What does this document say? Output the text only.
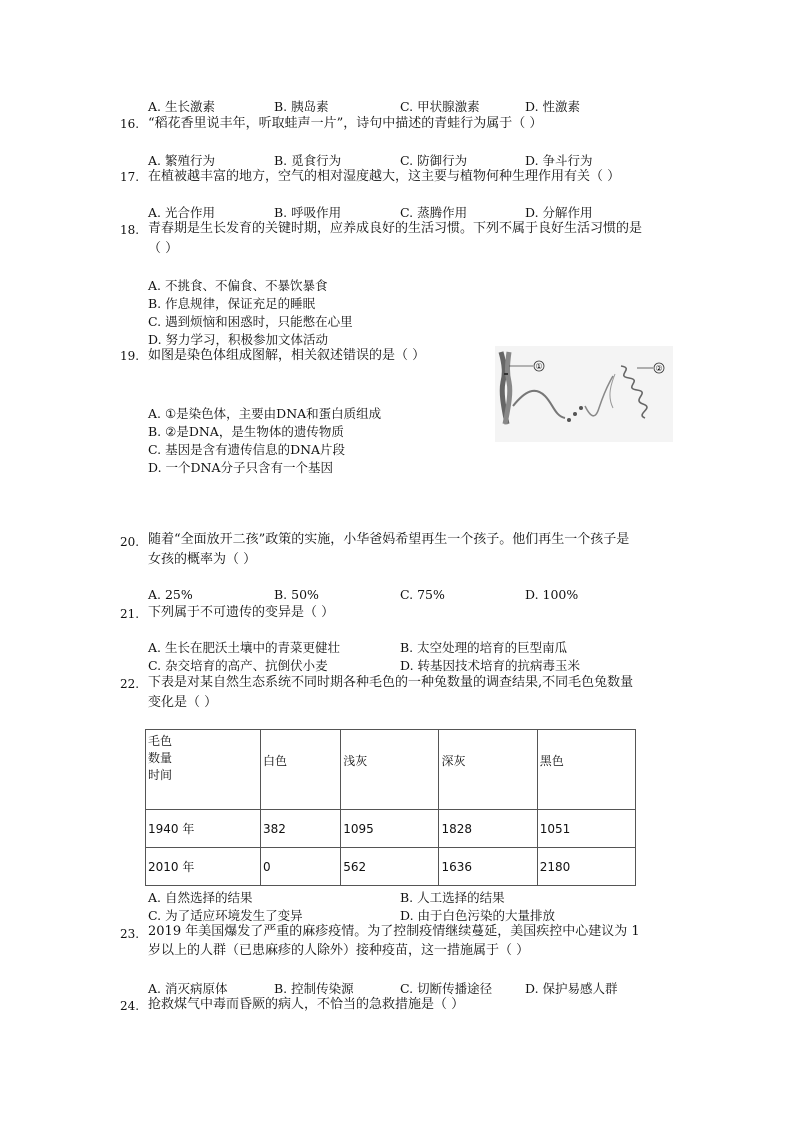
A. 生长激素	B. 胰岛素	C. 甲状腺激素	D. 性激素
16. “稻花香里说丰年，听取蛙声一片”，诗句中描述的青蛙行为属于（ ）
A. 繁殖行为	B. 觅食行为	C. 防御行为	D. 争斗行为
17. 在植被越丰富的地方，空气的相对湿度越大，这主要与植物何种生理作用有关（ ）
A. 光合作用	B. 呼吸作用	C. 蒸腾作用	D. 分解作用
18. 青春期是生长发育的关键时期，应养成良好的生活习惯。下列不属于良好生活习惯的是
（ ）
A. 不挑食、不偏食、不暴饮暴食
B. 作息规律，保证充足的睡眠
C. 遇到烦恼和困惑时，只能憋在心里
D. 努力学习，积极参加文体活动
19. 如图是染色体组成图解，相关叙述错误的是（ ）
A. ①是染色体，主要由DNA和蛋白质组成
B. ②是DNA，是生物体的遗传物质
C. 基因是含有遗传信息的DNA片段
D. 一个DNA分子只含有一个基因
①	②
20. 随着“全面放开二孩”政策的实施，小华爸妈希望再生一个孩子。他们再生一个孩子是
女孩的概率为（ ）
A. 25%	B. 50%	C. 75%	D. 100%
21. 下列属于不可遗传的变异是（ ）
A. 生长在肥沃土壤中的青菜更健壮	B. 太空处理的培育的巨型南瓜
C. 杂交培育的高产、抗倒伏小麦	D. 转基因技术培育的抗病毒玉米
22. 下表是对某自然生态系统不同时期各种毛色的一种兔数量的调查结果,不同毛色兔数量
变化是（ ）
毛色
数量
时间	白色	浅灰	深灰	黑色
1940 年	382	1095	1828	1051
2010 年	0	562	1636	2180
A. 自然选择的结果	B. 人工选择的结果
C. 为了适应环境发生了变异	D. 由于白色污染的大量排放
23. 2019 年美国爆发了严重的麻疹疫情。为了控制疫情继续蔓延，美国疾控中心建议为 1
岁以上的人群（已患麻疹的人除外）接种疫苗，这一措施属于（ ）
A. 消灭病原体	B. 控制传染源	C. 切断传播途径	D. 保护易感人群
24. 抢救煤气中毒而昏厥的病人，不恰当的急救措施是（ ）
